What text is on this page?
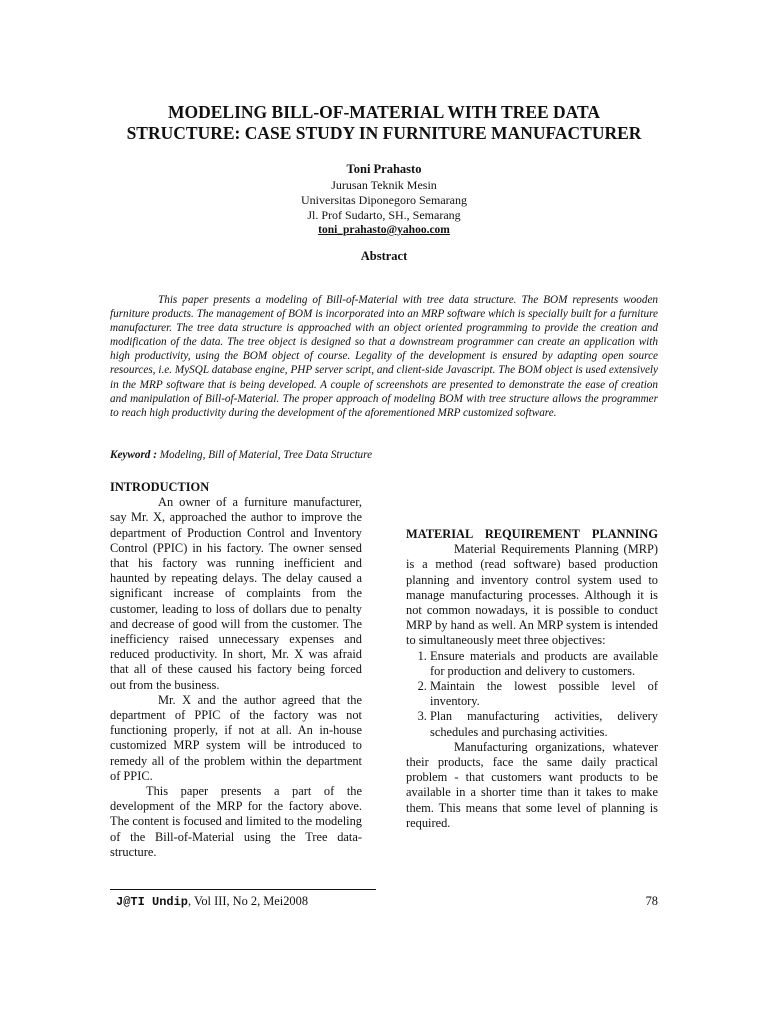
MODELING BILL-OF-MATERIAL WITH TREE DATA
STRUCTURE: CASE STUDY IN FURNITURE MANUFACTURER
Toni Prahasto
Jurusan Teknik Mesin
Universitas Diponegoro Semarang
Jl. Prof Sudarto, SH., Semarang
toni_prahasto@yahoo.com
Abstract

This paper presents a modeling of Bill-of-Material with tree data structure. The BOM represents wooden furniture products. The management of BOM is incorporated into an MRP software which is specially built for a furniture manufacturer. The tree data structure is approached with an object oriented programming to provide the creation and modification of the data. The tree object is designed so that a downstream programmer can create an application with high productivity, using the BOM object of course. Legality of the development is ensured by adapting open source resources, i.e. MySQL database engine, PHP server script, and client-side Javascript. The BOM object is used extensively in the MRP software that is being developed. A couple of screenshots are presented to demonstrate the ease of creation and manipulation of Bill-of-Material. The proper approach of modeling BOM with tree structure allows the programmer to reach high productivity during the development of the aforementioned MRP customized software.

Keyword : Modeling, Bill of Material, Tree Data Structure

INTRODUCTION

An owner of a furniture manufacturer, say Mr. X, approached the author to improve the department of Production Control and Inventory Control (PPIC) in his factory. The owner sensed that his factory was running inefficient and haunted by repeating delays. The delay caused a significant increase of complaints from the customer, leading to loss of dollars due to penalty and decrease of good will from the customer. The inefficiency raised unnecessary expenses and reduced productivity. In short, Mr. X was afraid that all of these caused his factory being forced out from the business.

Mr. X and the author agreed that the department of PPIC of the factory was not functioning properly, if not at all. An in-house customized MRP system will be introduced to remedy all of the problem within the department of PPIC.

This paper presents a part of the development of the MRP for the factory above. The content is focused and limited to the modeling of the Bill-of-Material using the Tree data-structure.

MATERIAL REQUIREMENT PLANNING

Material Requirements Planning (MRP) is a method (read software) based production planning and inventory control system used to manage manufacturing processes. Although it is not common nowadays, it is possible to conduct MRP by hand as well. An MRP system is intended to simultaneously meet three objectives:

1. Ensure materials and products are available for production and delivery to customers.
2. Maintain the lowest possible level of inventory.
3. Plan manufacturing activities, delivery schedules and purchasing activities.

Manufacturing organizations, whatever their products, face the same daily practical problem - that customers want products to be available in a shorter time than it takes to make them. This means that some level of planning is required.

J@TI Undip, Vol III, No 2, Mei2008	78
